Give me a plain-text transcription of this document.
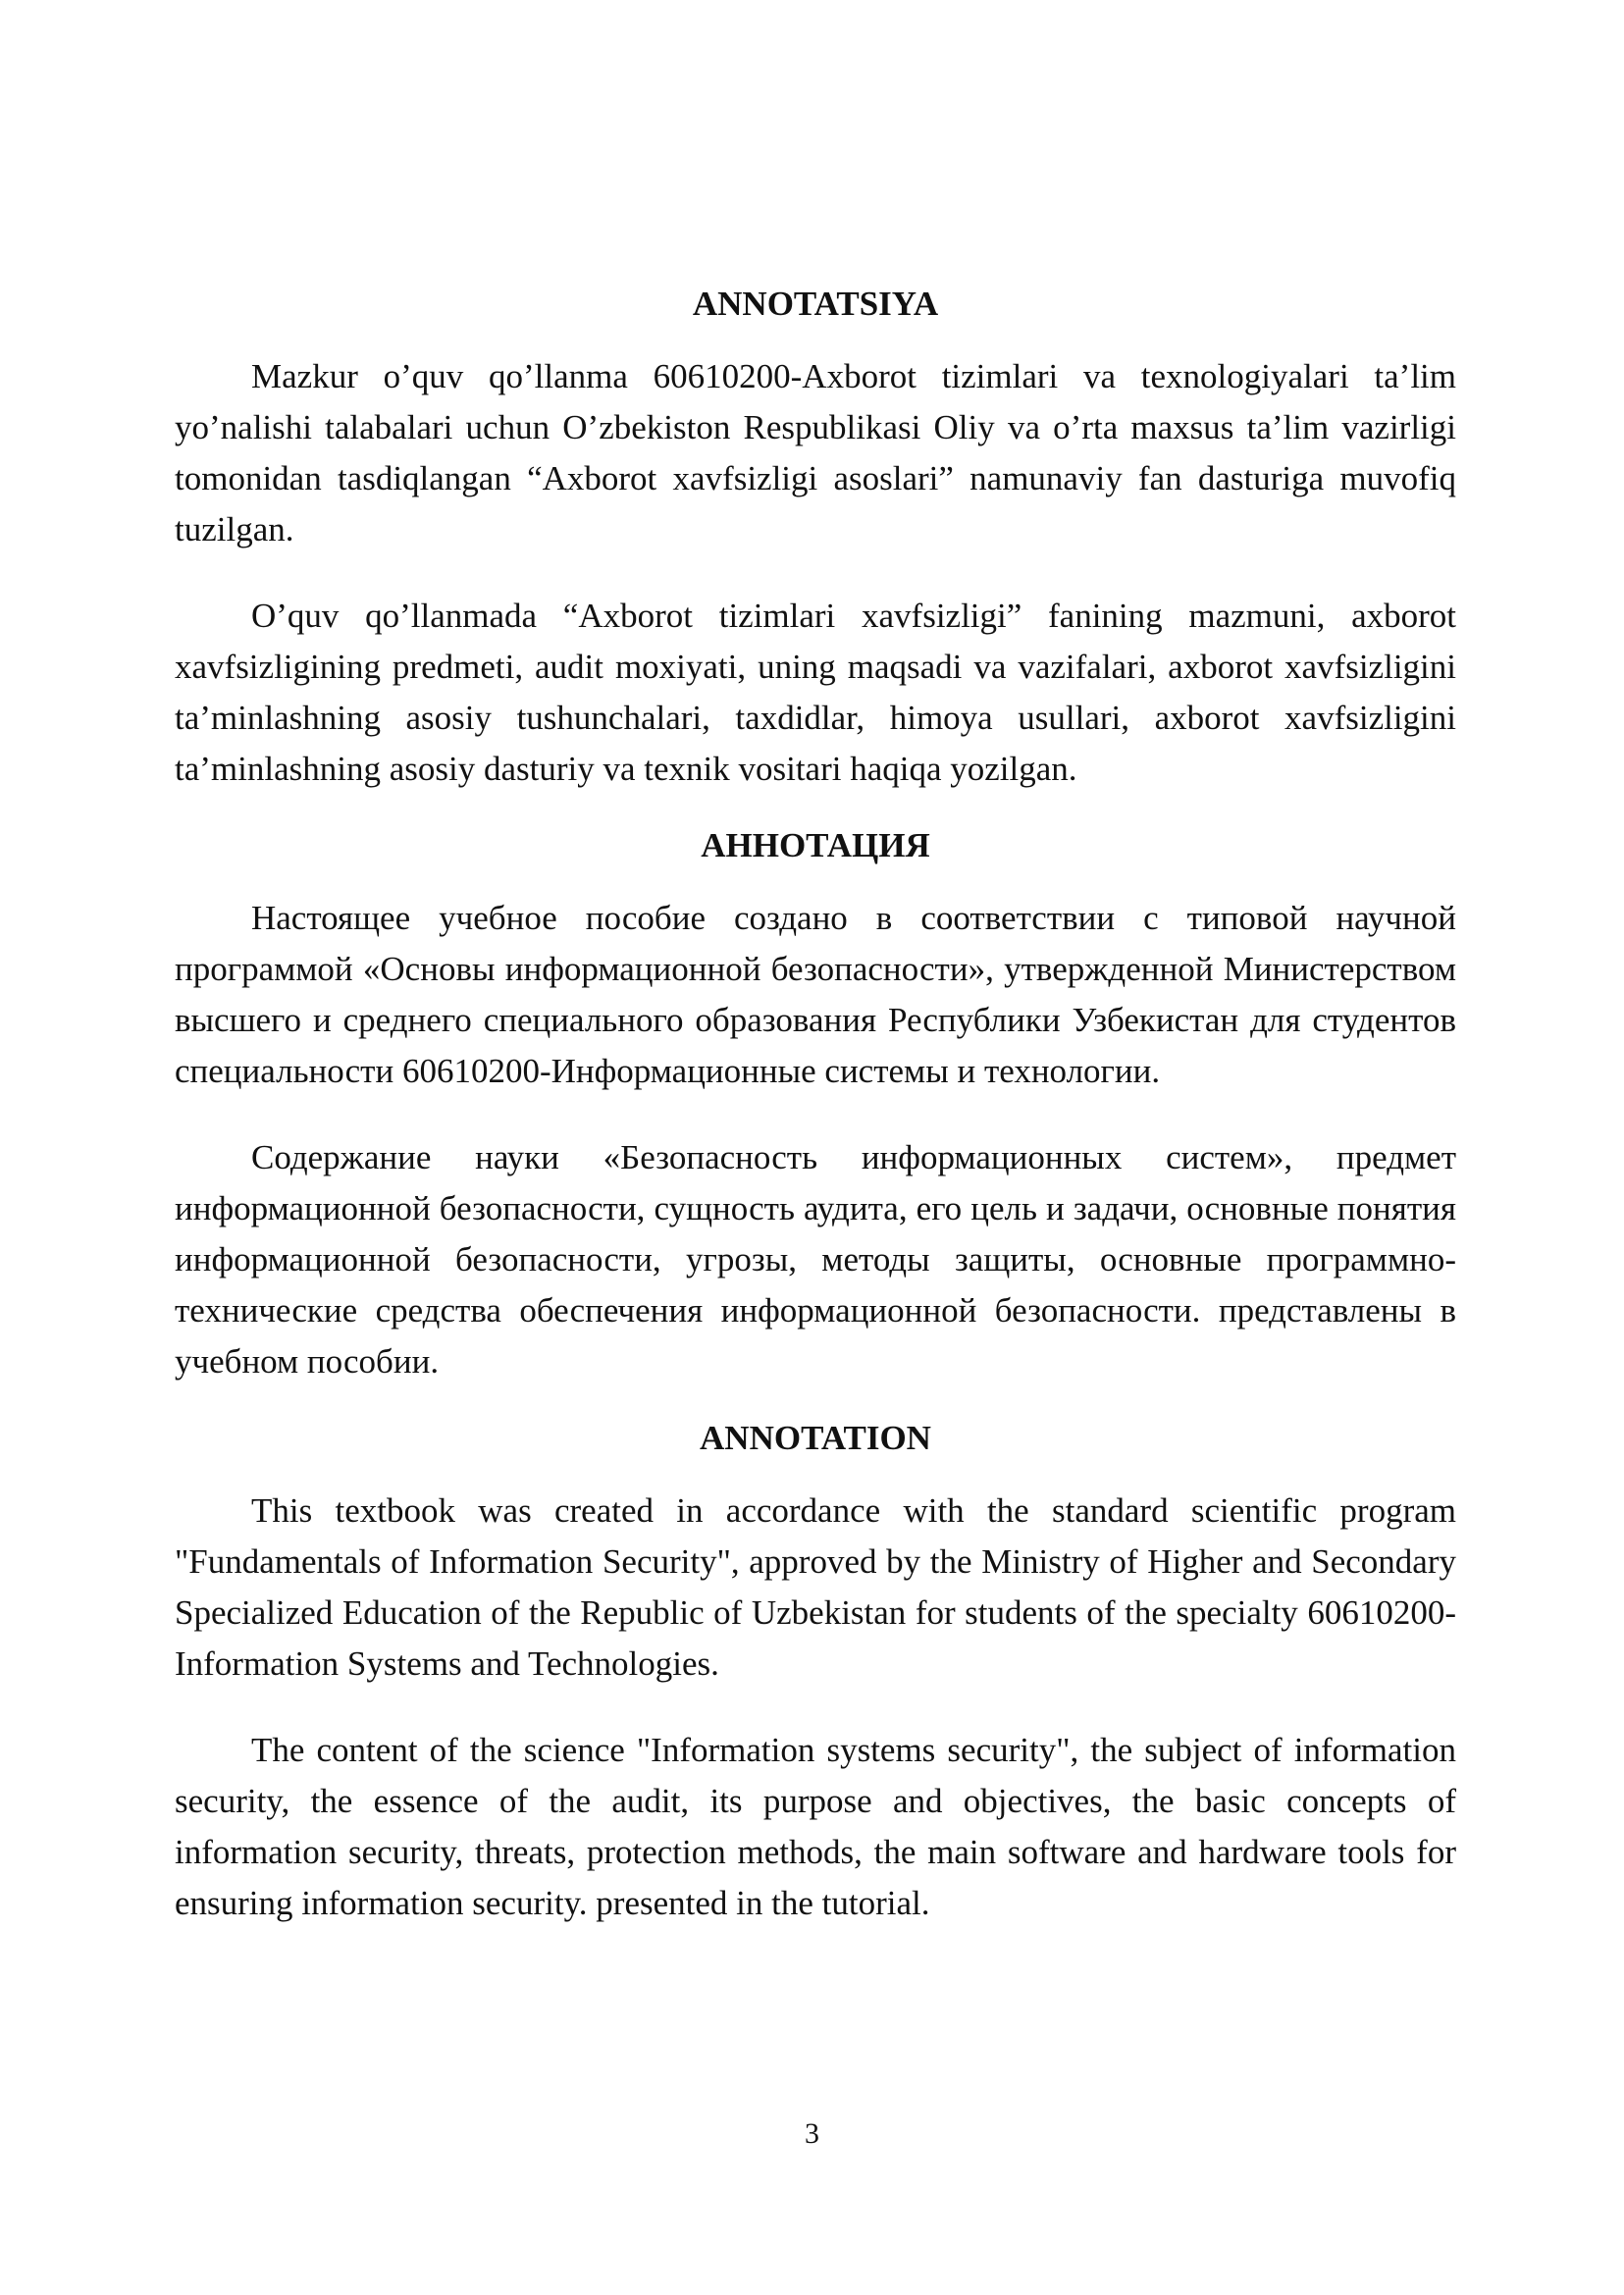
ANNOTATSIYA

Mazkur o’quv qo’llanma 60610200-Axborot tizimlari va texnologiyalari ta’lim yo’nalishi talabalari uchun O’zbekiston Respublikasi Oliy va o’rta maxsus ta’lim vazirligi tomonidan tasdiqlangan “Axborot xavfsizligi asoslari” namunaviy fan dasturiga muvofiq tuzilgan.

O’quv qo’llanmada “Axborot tizimlari xavfsizligi” fanining mazmuni, axborot xavfsizligining predmeti, audit moxiyati, uning maqsadi va vazifalari, axborot xavfsizligini ta’minlashning asosiy tushunchalari, taxdidlar, himoya usullari, axborot xavfsizligini ta’minlashning asosiy dasturiy va texnik vositari haqiqa yozilgan.

АННОТАЦИЯ

Настоящее учебное пособие создано в соответствии с типовой научной программой «Основы информационной безопасности», утвержденной Министерством высшего и среднего специального образования Республики Узбекистан для студентов специальности 60610200-Информационные системы и технологии.

Содержание науки «Безопасность информационных систем», предмет информационной безопасности, сущность аудита, его цель и задачи, основные понятия информационной безопасности, угрозы, методы защиты, основные программно-технические средства обеспечения информационной безопасности. представлены в учебном пособии.

ANNOTATION

This textbook was created in accordance with the standard scientific program "Fundamentals of Information Security", approved by the Ministry of Higher and Secondary Specialized Education of the Republic of Uzbekistan for students of the specialty 60610200-Information Systems and Technologies.

The content of the science "Information systems security", the subject of information security, the essence of the audit, its purpose and objectives, the basic concepts of information security, threats, protection methods, the main software and hardware tools for ensuring information security. presented in the tutorial.

3
